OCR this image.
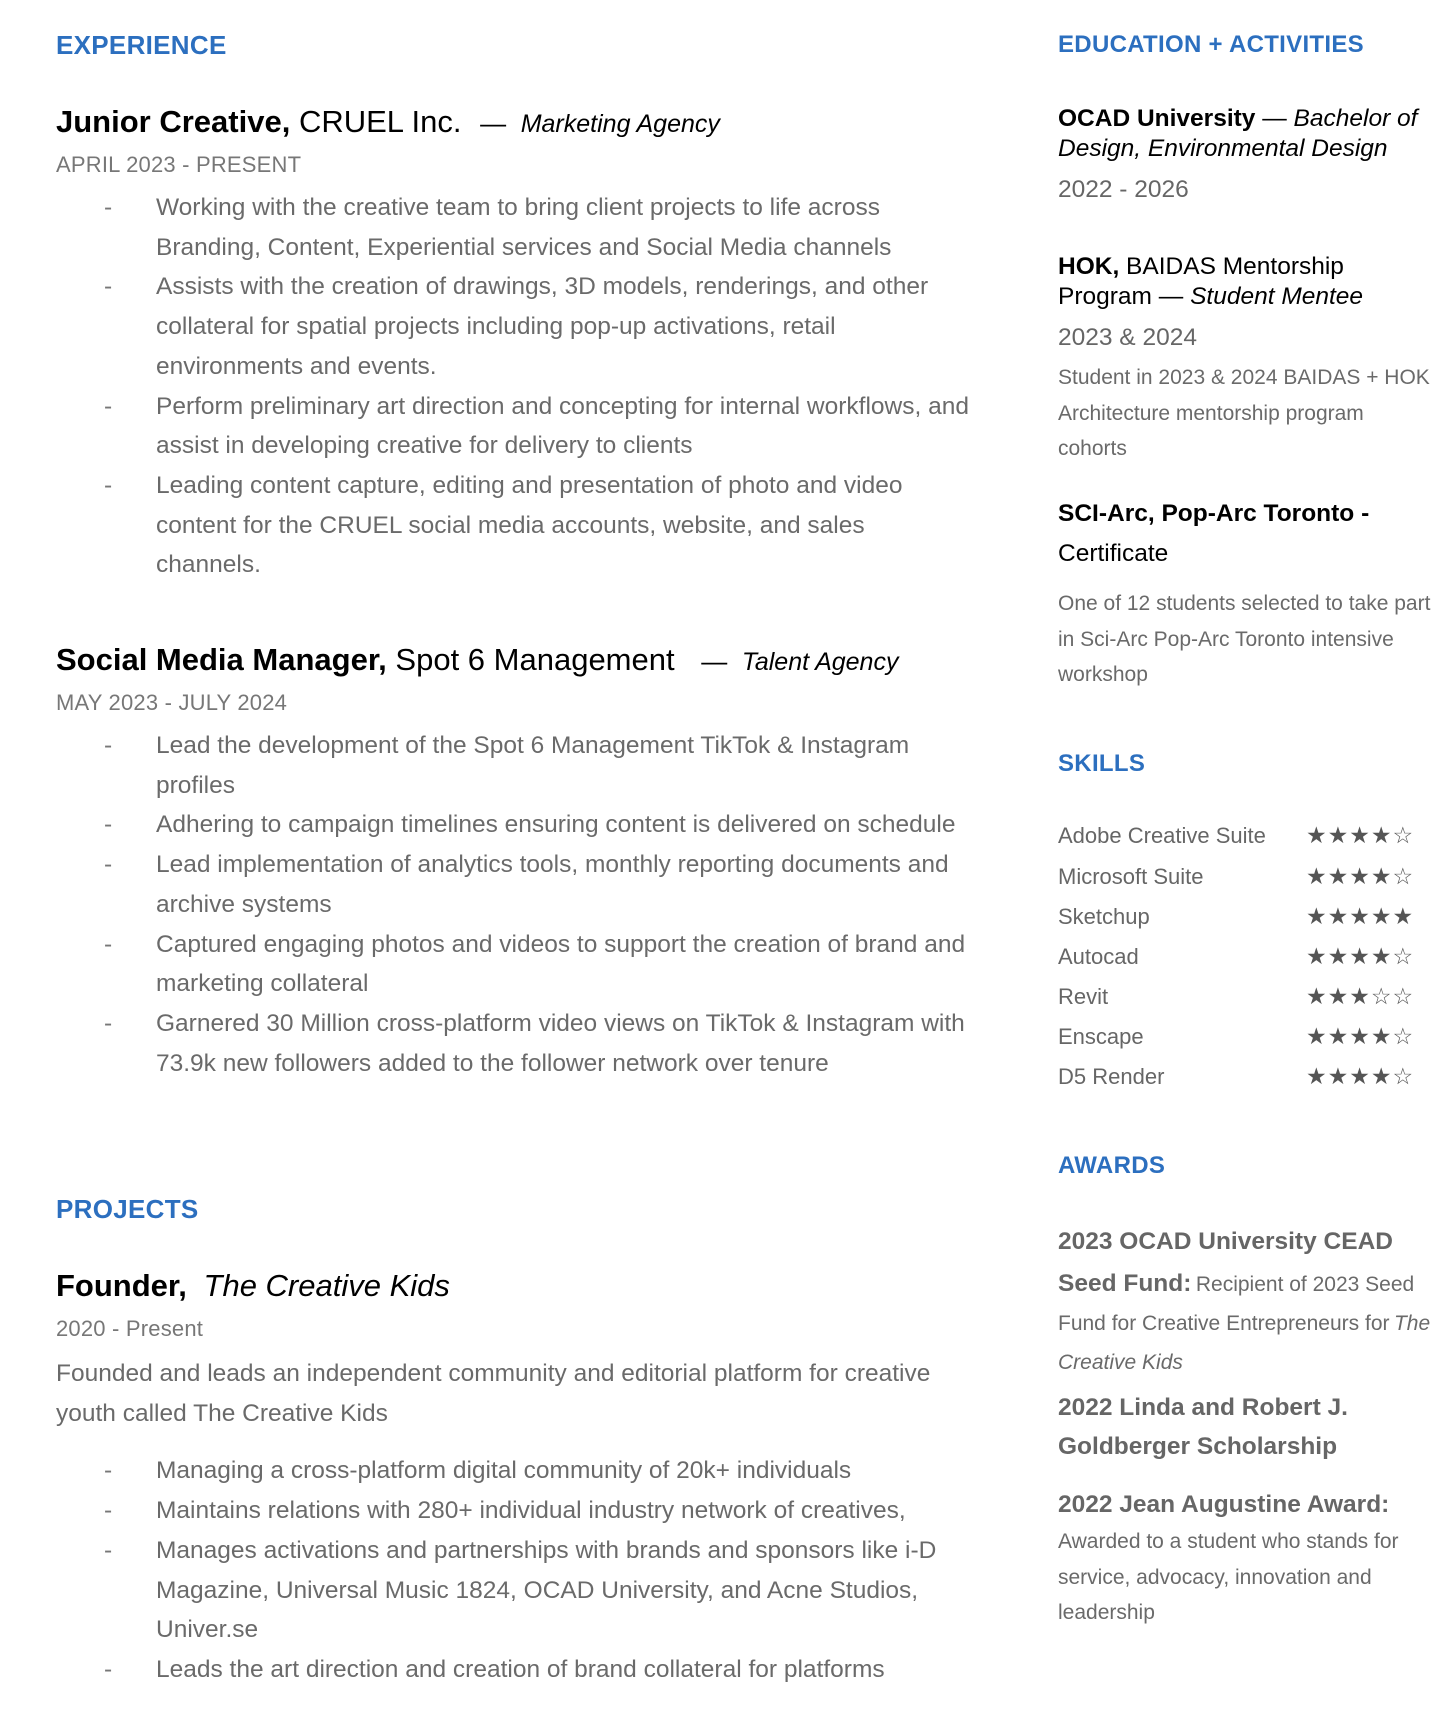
EXPERIENCE
Junior Creative, CRUEL Inc. — Marketing Agency
APRIL 2023 - PRESENT
- Working with the creative team to bring client projects to life across Branding, Content, Experiential services and Social Media channels
- Assists with the creation of drawings, 3D models, renderings, and other collateral for spatial projects including pop-up activations, retail environments and events.
- Perform preliminary art direction and concepting for internal workflows, and assist in developing creative for delivery to clients
- Leading content capture, editing and presentation of photo and video content for the CRUEL social media accounts, website, and sales channels.
Social Media Manager, Spot 6 Management — Talent Agency
MAY 2023 - JULY 2024
- Lead the development of the Spot 6 Management TikTok & Instagram profiles
- Adhering to campaign timelines ensuring content is delivered on schedule
- Lead implementation of analytics tools, monthly reporting documents and archive systems
- Captured engaging photos and videos to support the creation of brand and marketing collateral
- Garnered 30 Million cross-platform video views on TikTok & Instagram with 73.9k new followers added to the follower network over tenure
PROJECTS
Founder, The Creative Kids
2020 - Present
Founded and leads an independent community and editorial platform for creative youth called The Creative Kids
- Managing a cross-platform digital community of 20k+ individuals
- Maintains relations with 280+ individual industry network of creatives,
- Manages activations and partnerships with brands and sponsors like i-D Magazine, Universal Music 1824, OCAD University, and Acne Studios, Univer.se
- Leads the art direction and creation of brand collateral for platforms
EDUCATION + ACTIVITIES
OCAD University — Bachelor of Design, Environmental Design
2022 - 2026
HOK, BAIDAS Mentorship Program — Student Mentee
2023 & 2024
Student in 2023 & 2024 BAIDAS + HOK Architecture mentorship program cohorts
SCI-Arc, Pop-Arc Toronto -
Certificate
One of 12 students selected to take part in Sci-Arc Pop-Arc Toronto intensive workshop
SKILLS
Adobe Creative Suite ★★★★☆
Microsoft Suite	★★★★☆
Sketchup	★★★★★
Autocad	★★★★☆
Revit	★★★☆☆
Enscape	★★★★☆
D5 Render	★★★★☆
AWARDS
2023 OCAD University CEAD Seed Fund: Recipient of 2023 Seed Fund for Creative Entrepreneurs for The Creative Kids
2022 Linda and Robert J. Goldberger Scholarship
2022 Jean Augustine Award:
Awarded to a student who stands for service, advocacy, innovation and leadership
